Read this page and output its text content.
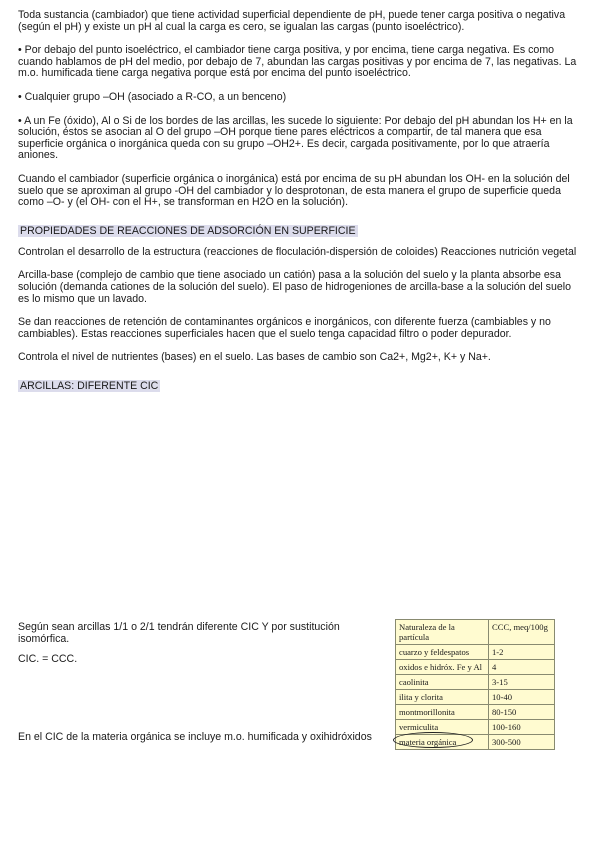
Toda sustancia (cambiador) que tiene actividad superficial dependiente de pH, puede tener carga positiva o negativa (según el pH) y existe un pH al cual la carga es cero, se igualan las cargas (punto isoeléctrico).

• Por debajo del punto isoeléctrico, el cambiador tiene carga positiva, y por encima, tiene carga negativa. Es como cuando hablamos de pH del medio, por debajo de 7, abundan las cargas positivas y por encima de 7, las negativas. La m.o. humificada tiene carga negativa porque está por encima del punto isoeléctrico.

• Cualquier grupo –OH (asociado a R-CO, a un benceno)

• A un Fe (óxido), Al o Si de los bordes de las arcillas, les sucede lo siguiente: Por debajo del pH abundan los H+ en la solución, éstos se asocian al O del grupo –OH porque tiene pares eléctricos a compartir, de tal manera que esa superficie orgánica o inorgánica queda con su grupo –OH2+. Es decir, cargada positivamente, por lo que atraería aniones.

Cuando el cambiador (superficie orgánica o inorgánica) está por encima de su pH abundan los OH- en la solución del suelo que se aproximan al grupo -OH del cambiador y lo desprotonan, de esta manera el grupo de superficie queda como –O- y (el OH- con el H+, se transforman en H2O en la solución).

PROPIEDADES DE REACCIONES DE ADSORCIÓN EN SUPERFICIE

Controlan el desarrollo de la estructura (reacciones de floculación-dispersión de coloides) Reacciones nutrición vegetal

Arcilla-base (complejo de cambio que tiene asociado un catión) pasa a la solución del suelo y la planta absorbe esa solución (demanda cationes de la solución del suelo). El paso de hidrogeniones de arcilla-base a la solución del suelo es lo mismo que un lavado.

Se dan reacciones de retención de contaminantes orgánicos e inorgánicos, con diferente fuerza (cambiables y no cambiables). Estas reacciones superficiales hacen que el suelo tenga capacidad filtro o poder depurador.

Controla el nivel de nutrientes (bases) en el suelo. Las bases de cambio son Ca2+, Mg2+, K+ y Na+.

ARCILLAS: DIFERENTE CIC

Según sean arcillas 1/1 o 2/1 tendrán diferente CIC Y por sustitución isomórfica.

CIC. = CCC.

En el CIC de la materia orgánica se incluye m.o. humificada y oxihidróxidos

Naturaleza de la partícula	CCC, meq/100g
cuarzo y feldespatos	1-2
oxidos e hidróx. Fe y Al	4
caolinita	3-15
ilita y clorita	10-40
montmorillonita	80-150
vermiculita	100-160

materia orgánica	300-500
